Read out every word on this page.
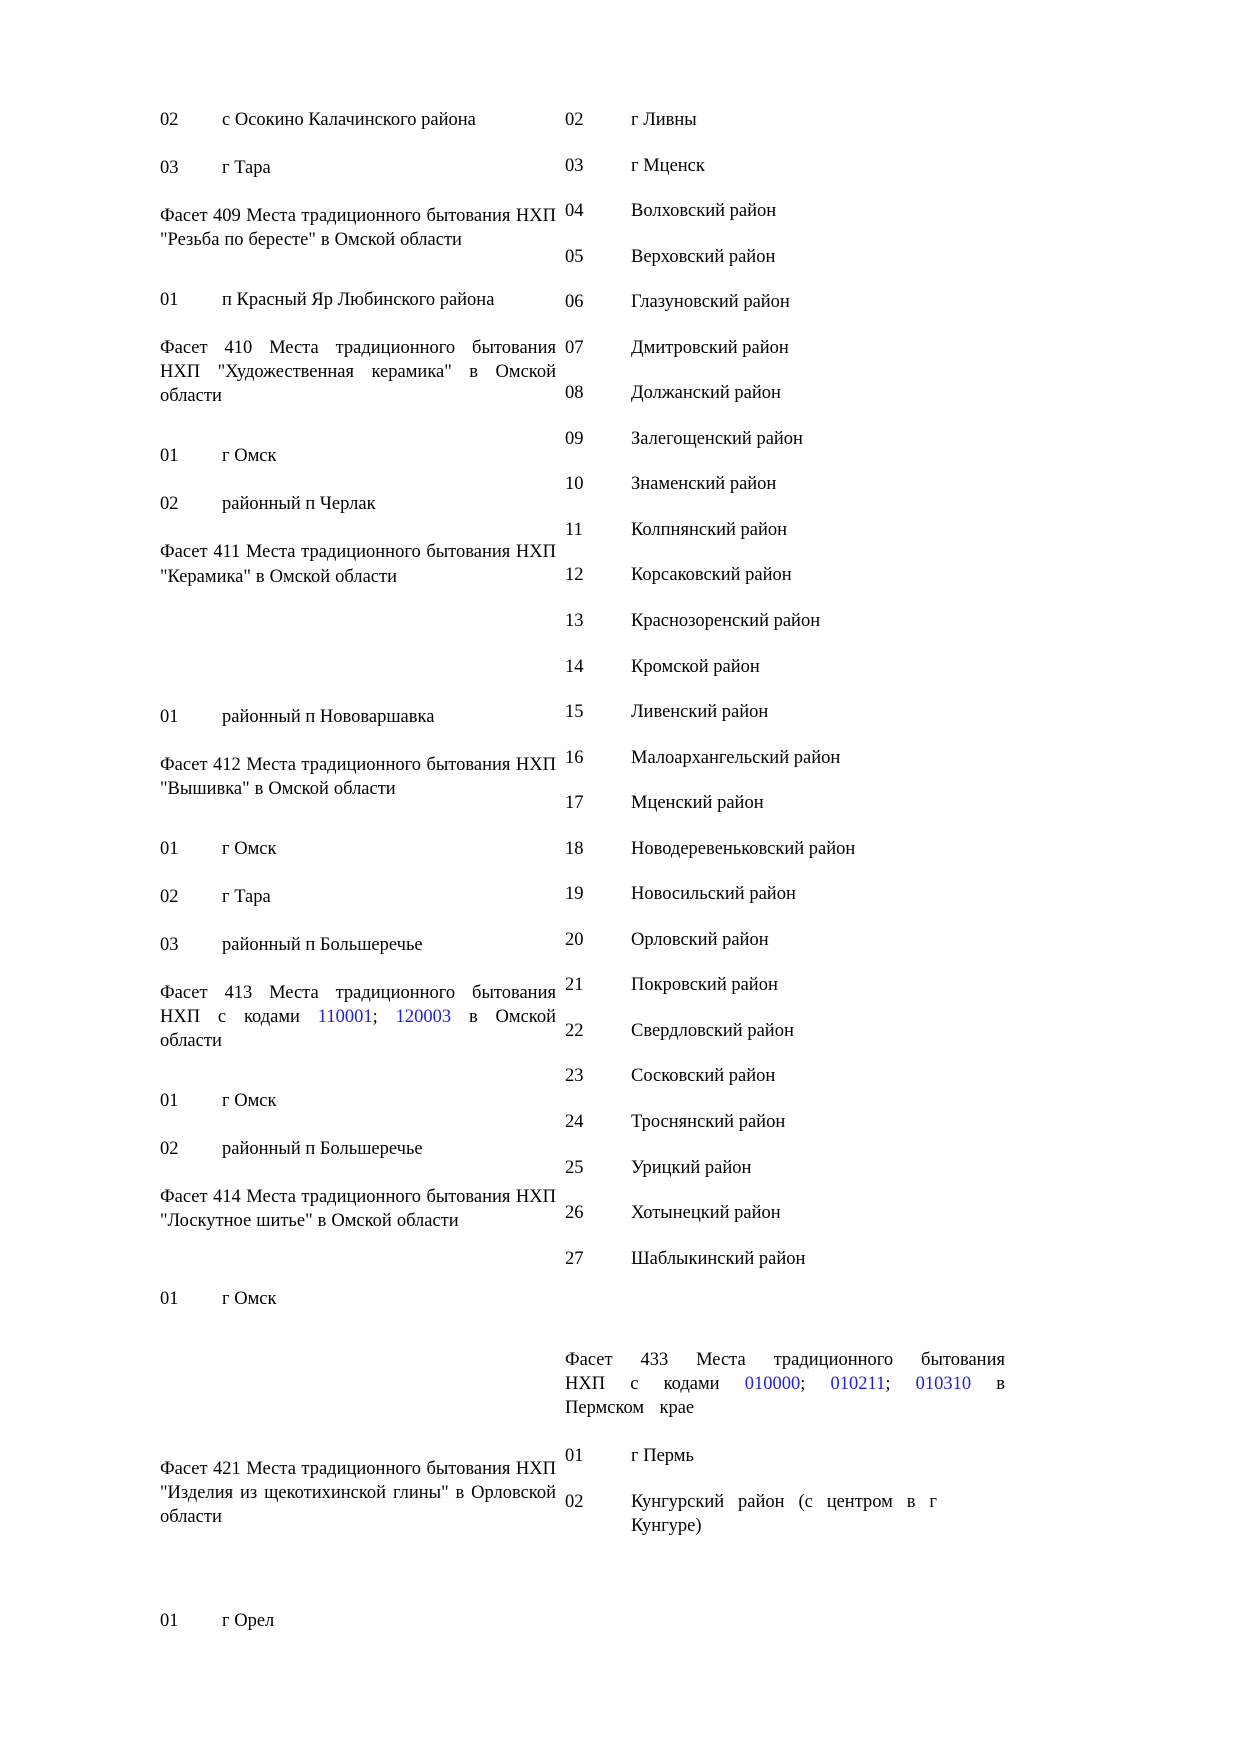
02 с Осокино Калачинского района
03 г Тара
Фасет 409 Места традиционного бытования НХП "Резьба по бересте" в Омской области
01 п Красный Яр Любинского района
Фасет 410 Места традиционного бытования НХП "Художественная керамика" в Омской области
01 г Омск
02 районный п Черлак
Фасет 411 Места традиционного бытования НХП "Керамика" в Омской области
01 районный п Нововаршавка
Фасет 412 Места традиционного бытования НХП "Вышивка" в Омской области
01 г Омск
02 г Тара
03 районный п Большеречье
Фасет 413 Места традиционного бытования НХП с кодами 110001; 120003 в Омской области
01 г Омск
02 районный п Большеречье
Фасет 414 Места традиционного бытования НХП "Лоскутное шитье" в Омской области
01 г Омск
Фасет 421 Места традиционного бытования НХП "Изделия из щекотихинской глины" в Орловской области
01 г Орел
02	г Ливны
03	г Мценск
04	Волховский район
05	Верховский район
06	Глазуновский район
07	Дмитровский район
08	Должанский район
09	Залегощенский район
10	Знаменский район
11	Колпнянский район
12	Корсаковский район
13	Краснозоренский район
14	Кромской район
15	Ливенский район
16	Малоархангельский район
17	Мценский район
18	Новодеревеньковский район
19	Новосильский район
20	Орловский район
21	Покровский район
22	Свердловский район
23	Сосковский район
24	Троснянский район
25	Урицкий район
26	Хотынецкий район
27	Шаблыкинский район
Фасет 433 Места традиционного бытования НХП с кодами 010000; 010211; 010310 в Пермском крае
01	г Пермь
02	Кунгурский район (с центром в г Кунгуре)
